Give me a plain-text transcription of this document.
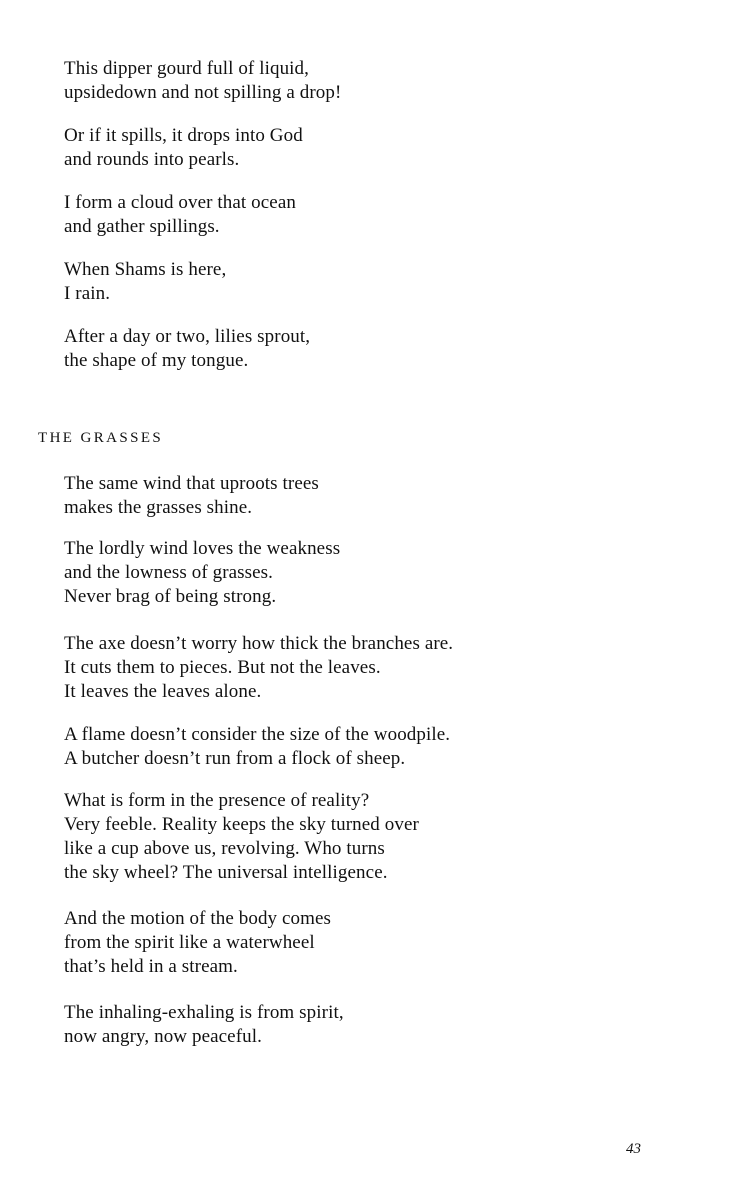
This dipper gourd full of liquid,
upsidedown and not spilling a drop!
Or if it spills, it drops into God
and rounds into pearls.
I form a cloud over that ocean
and gather spillings.
When Shams is here,
I rain.
After a day or two, lilies sprout,
the shape of my tongue.
THE GRASSES
The same wind that uproots trees
makes the grasses shine.
The lordly wind loves the weakness
and the lowness of grasses.
Never brag of being strong.
The axe doesn’t worry how thick the branches are.
It cuts them to pieces. But not the leaves.
It leaves the leaves alone.
A flame doesn’t consider the size of the woodpile.
A butcher doesn’t run from a flock of sheep.
What is form in the presence of reality?
Very feeble. Reality keeps the sky turned over
like a cup above us, revolving. Who turns
the sky wheel? The universal intelligence.
And the motion of the body comes
from the spirit like a waterwheel
that’s held in a stream.
The inhaling-exhaling is from spirit,
now angry, now peaceful.
43
